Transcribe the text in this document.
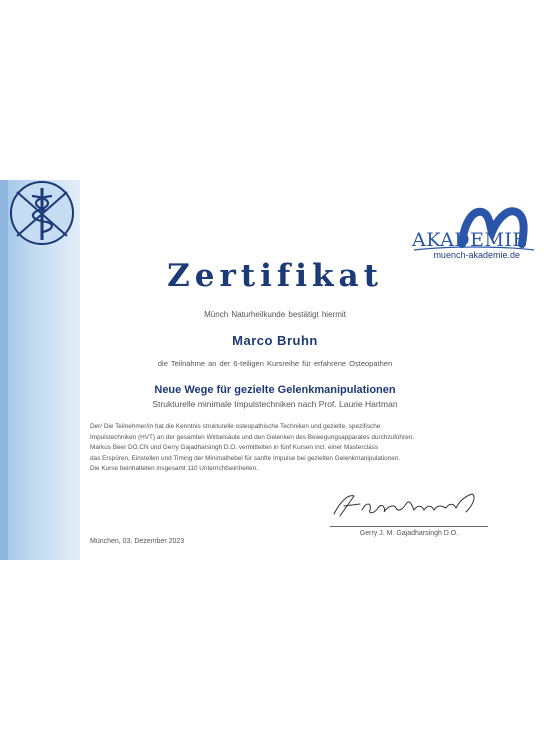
AKADEMIE
muench-akademie.de
Zertifikat
Münch Naturheilkunde bestätigt hiermit
Marco Bruhn
die Teilnahme an der 6-teiligen Kursreihe für erfahrene Osteopathen
Neue Wege für gezielte Gelenkmanipulationen
Strukturelle minimale Impulstechniken nach Prof. Laurie Hartman
Der/ Die Teilnehmer/in hat die Kenntnis strukturelle osteopathische Techniken und gezielte, spezifische
Impulstechniken (HVT) an der gesamten Wirbelsäule und den Gelenken des Bewegungsapparates durchzuführen.
Markus Beer DO.CN und Gerry Gajadharsingh D.O. vermittelten in fünf Kursen incl. einer Masterclass
das Erspüren, Einstellen und Timing der Minimalhebel für sanfte Impulse bei gezielten Gelenkmanipulationen.
Die Kurse beinhalteten insgesamt 110 Unterrichtseinheiten.
Gerry J. M. Gajadharsingh D.O.
München, 03. Dezember 2023
